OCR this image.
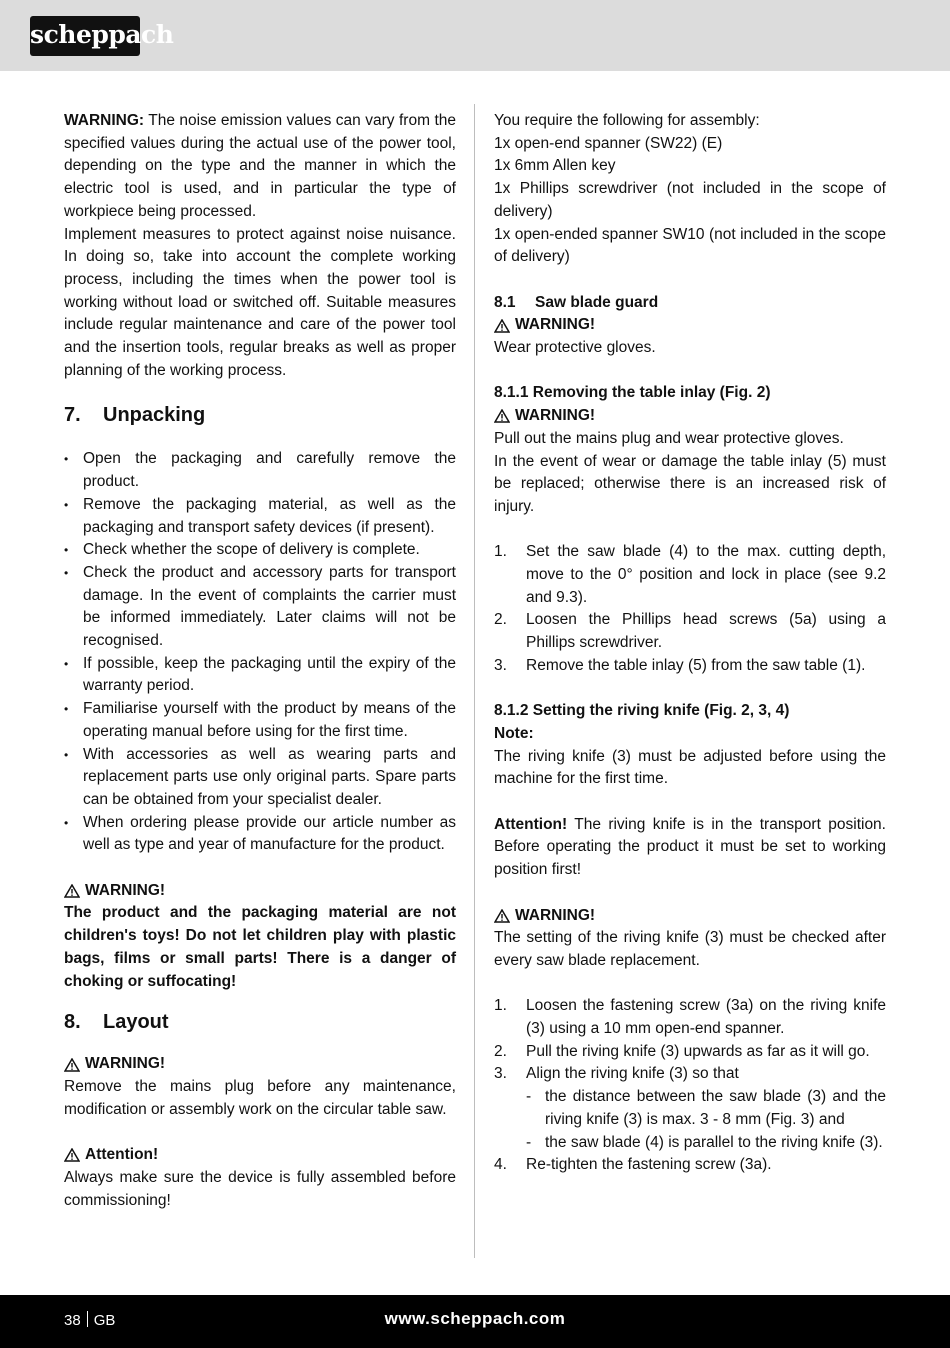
scheppach

WARNING: The noise emission values can vary from the specified values during the actual use of the power tool, depending on the type and the manner in which the electric tool is used, and in particular the type of workpiece being processed.

Implement measures to protect against noise nuisance. In doing so, take into account the complete working process, including the times when the power tool is working without load or switched off. Suitable measures include regular maintenance and care of the power tool and the insertion tools, regular breaks as well as proper planning of the working process.

7.	Unpacking
• Open the packaging and carefully remove the product.
• Remove the packaging material, as well as the packaging and transport safety devices (if present).
• Check whether the scope of delivery is complete.
• Check the product and accessory parts for transport damage. In the event of complaints the carrier must be informed immediately. Later claims will not be recognised.
• If possible, keep the packaging until the expiry of the warranty period.
• Familiarise yourself with the product by means of the operating manual before using for the first time.
• With accessories as well as wearing parts and replacement parts use only original parts. Spare parts can be obtained from your specialist dealer.
• When ordering please provide our article number as well as type and year of manufacture for the product.
WARNING!

The product and the packaging material are not children's toys! Do not let children play with plastic bags, films or small parts! There is a danger of choking or suffocating!

8.	Layout
WARNING!

Remove the mains plug before any maintenance, modification or assembly work on the circular table saw.

Attention!

Always make sure the device is fully assembled before commissioning!

You require the following for assembly:

1x open-end spanner (SW22) (E)

1x 6mm Allen key

1x Phillips screwdriver (not included in the scope of delivery)

1x open-ended spanner SW10 (not included in the scope of delivery)

8.1	Saw blade guard
WARNING!

Wear protective gloves.

8.1.1 Removing the table inlay (Fig. 2)

WARNING!

Pull out the mains plug and wear protective gloves.

In the event of wear or damage the table inlay (5) must be replaced; otherwise there is an increased risk of injury.

1.	Set the saw blade (4) to the max. cutting depth, move to the 0° position and lock in place (see 9.2 and 9.3).
2.	Loosen the Phillips head screws (5a) using a Phillips screwdriver.
3.	Remove the table inlay (5) from the saw table (1).

8.1.2 Setting the riving knife (Fig. 2, 3, 4)

Note:

The riving knife (3) must be adjusted before using the machine for the first time.

Attention! The riving knife is in the transport position. Before operating the product it must be set to working position first!

WARNING!

The setting of the riving knife (3) must be checked after every saw blade replacement.

1.	Loosen the fastening screw (3a) on the riving knife (3) using a 10 mm open-end spanner.
2.	Pull the riving knife (3) upwards as far as it will go.
3.	Align the riving knife (3) so that
- the distance between the saw blade (3) and the riving knife (3) is max. 3 - 8 mm (Fig. 3) and
- the saw blade (4) is parallel to the riving knife (3).
4.	Re-tighten the fastening screw (3a).
38 GB	www.scheppach.com
